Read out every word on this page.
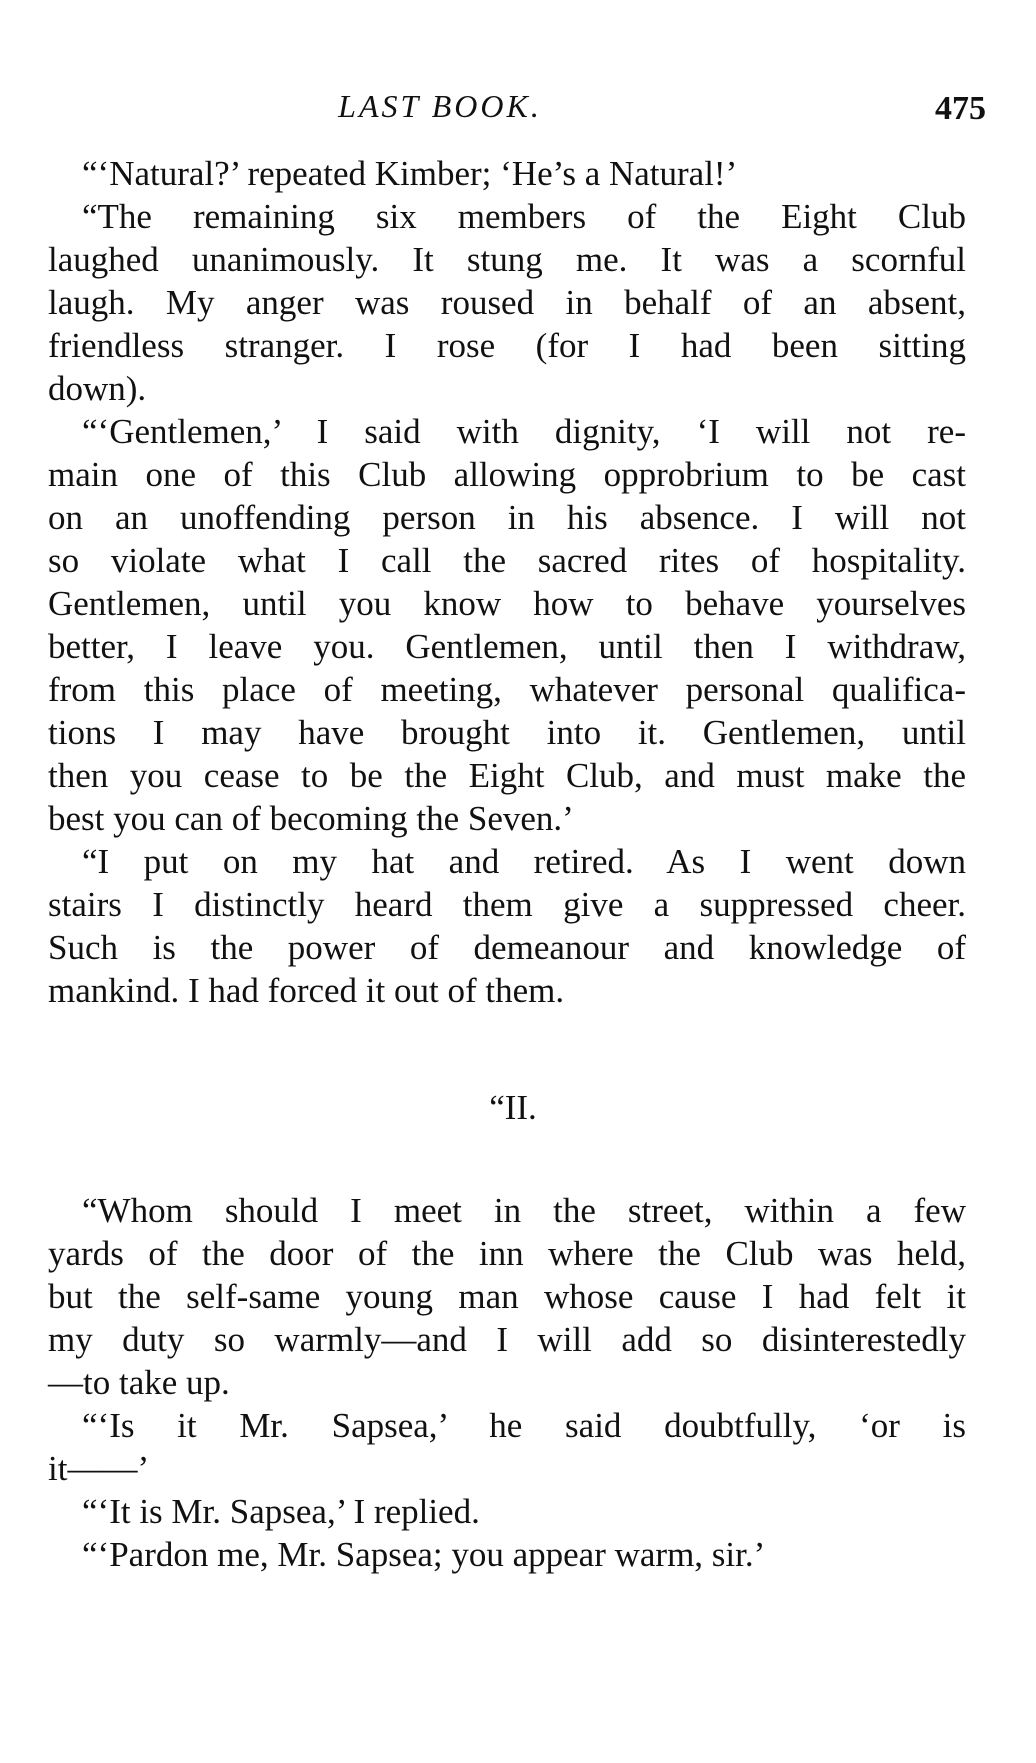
LAST BOOK.	475
“‘Natural?’ repeated Kimber; ‘He’s a Natural!’
“The remaining six members of the Eight Club
laughed unanimously. It stung me. It was a scornful
laugh. My anger was roused in behalf of an absent,
friendless stranger. I rose (for I had been sitting
down).
“‘Gentlemen,’ I said with dignity, ‘I will not re-
main one of this Club allowing opprobrium to be cast
on an unoffending person in his absence. I will not
so violate what I call the sacred rites of hospitality.
Gentlemen, until you know how to behave yourselves
better, I leave you. Gentlemen, until then I withdraw,
from this place of meeting, whatever personal qualifica-
tions I may have brought into it. Gentlemen, until
then you cease to be the Eight Club, and must make the
best you can of becoming the Seven.’
“I put on my hat and retired. As I went down
stairs I distinctly heard them give a suppressed cheer.
Such is the power of demeanour and knowledge of
mankind. I had forced it out of them.
“II.
“Whom should I meet in the street, within a few
yards of the door of the inn where the Club was held,
but the self-same young man whose cause I had felt it
my duty so warmly—and I will add so disinterestedly
—to take up.
“‘Is it Mr. Sapsea,’ he said doubtfully, ‘or is
it——’
“‘It is Mr. Sapsea,’ I replied.
“‘Pardon me, Mr. Sapsea; you appear warm, sir.’
